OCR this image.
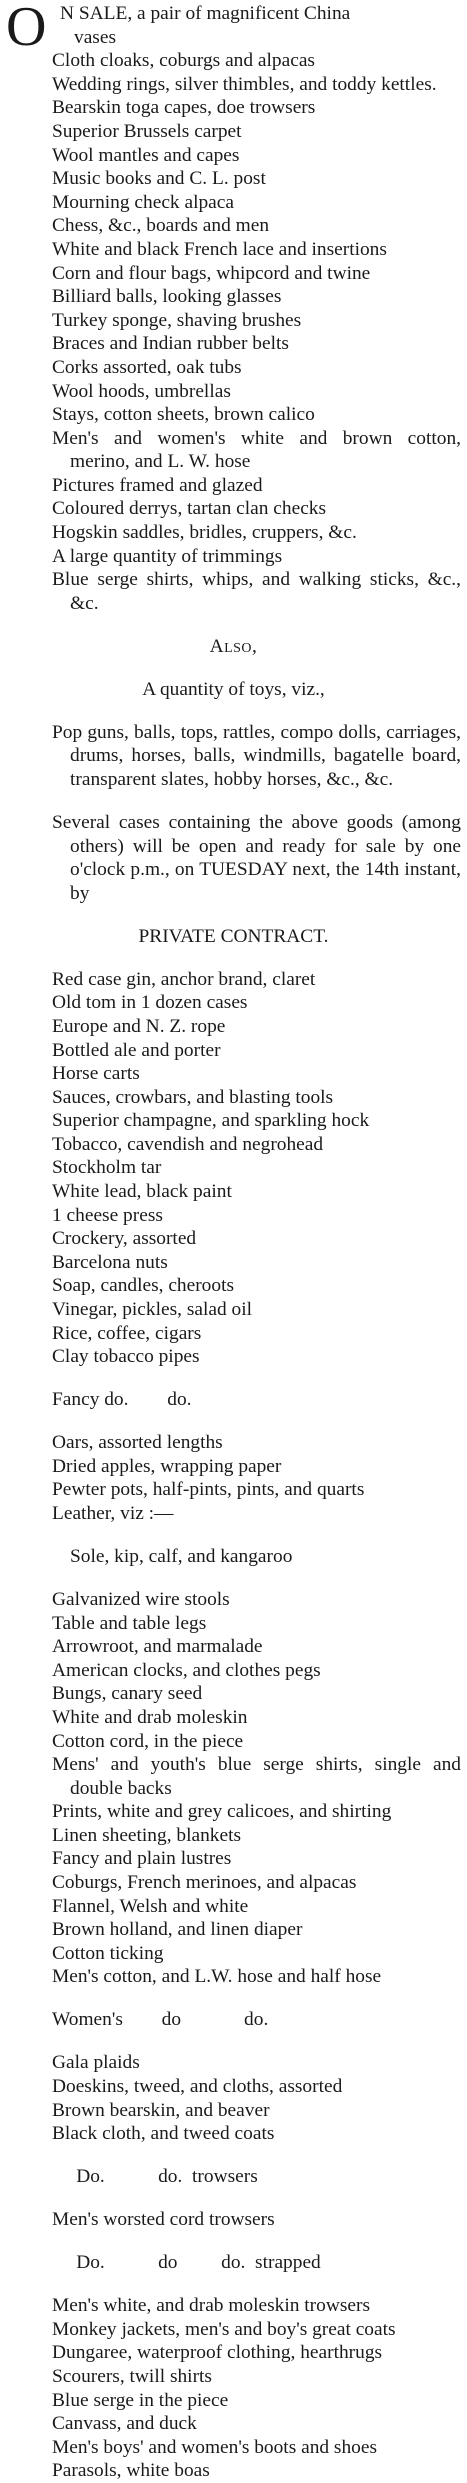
O N SALE, a pair of magnificent China
vases

Cloth cloaks, coburgs and alpacas

Wedding rings, silver thimbles, and toddy kettles.

Bearskin toga capes, doe trowsers

Superior Brussels carpet

Wool mantles and capes

Music books and C. L. post

Mourning check alpaca

Chess, &c., boards and men

White and black French lace and insertions

Corn and flour bags, whipcord and twine

Billiard balls, looking glasses

Turkey sponge, shaving brushes

Braces and Indian rubber belts

Corks assorted, oak tubs

Wool hoods, umbrellas

Stays, cotton sheets, brown calico

Men's and women's white and brown cotton, merino, and L. W. hose

Pictures framed and glazed

Coloured derrys, tartan clan checks

Hogskin saddles, bridles, cruppers, &c.

A large quantity of trimmings

Blue serge shirts, whips, and walking sticks, &c., &c.

Also,

A quantity of toys, viz.,

Pop guns, balls, tops, rattles, compo dolls, carriages, drums, horses, balls, windmills, bagatelle board, transparent slates, hobby horses, &c., &c.

Several cases containing the above goods (among others) will be open and ready for sale by one o'clock p.m., on TUESDAY next, the 14th instant, by

PRIVATE CONTRACT.

Red case gin, anchor brand, claret

Old tom in 1 dozen cases

Europe and N. Z. rope

Bottled ale and porter

Horse carts

Sauces, crowbars, and blasting tools

Superior champagne, and sparkling hock

Tobacco, cavendish and negrohead

Stockholm tar

White lead, black paint

1 cheese press

Crockery, assorted

Barcelona nuts

Soap, candles, cheroots

Vinegar, pickles, salad oil

Rice, coffee, cigars

Clay tobacco pipes

Fancy do.        do.

Oars, assorted lengths

Dried apples, wrapping paper

Pewter pots, half-pints, pints, and quarts

Leather, viz :—

Sole, kip, calf, and kangaroo

Galvanized wire stools

Table and table legs

Arrowroot, and marmalade

American clocks, and clothes pegs

Bungs, canary seed

White and drab moleskin

Cotton cord, in the piece

Mens' and youth's blue serge shirts, single and double backs

Prints, white and grey calicoes, and shirting

Linen sheeting, blankets

Fancy and plain lustres

Coburgs, French merinoes, and alpacas

Flannel, Welsh and white

Brown holland, and linen diaper

Cotton ticking

Men's cotton, and L.W. hose and half hose

Women's        do             do.

Gala plaids

Doeskins, tweed, and cloths, assorted

Brown bearskin, and beaver

Black cloth, and tweed coats

Do.           do.  trowsers

Men's worsted cord trowsers

Do.           do         do.  strapped

Men's white, and drab moleskin trowsers

Monkey jackets, men's and boy's great coats

Dungaree, waterproof clothing, hearthrugs

Scourers, twill shirts

Blue serge in the piece

Canvass, and duck

Men's boys' and women's boots and shoes

Parasols, white boas
